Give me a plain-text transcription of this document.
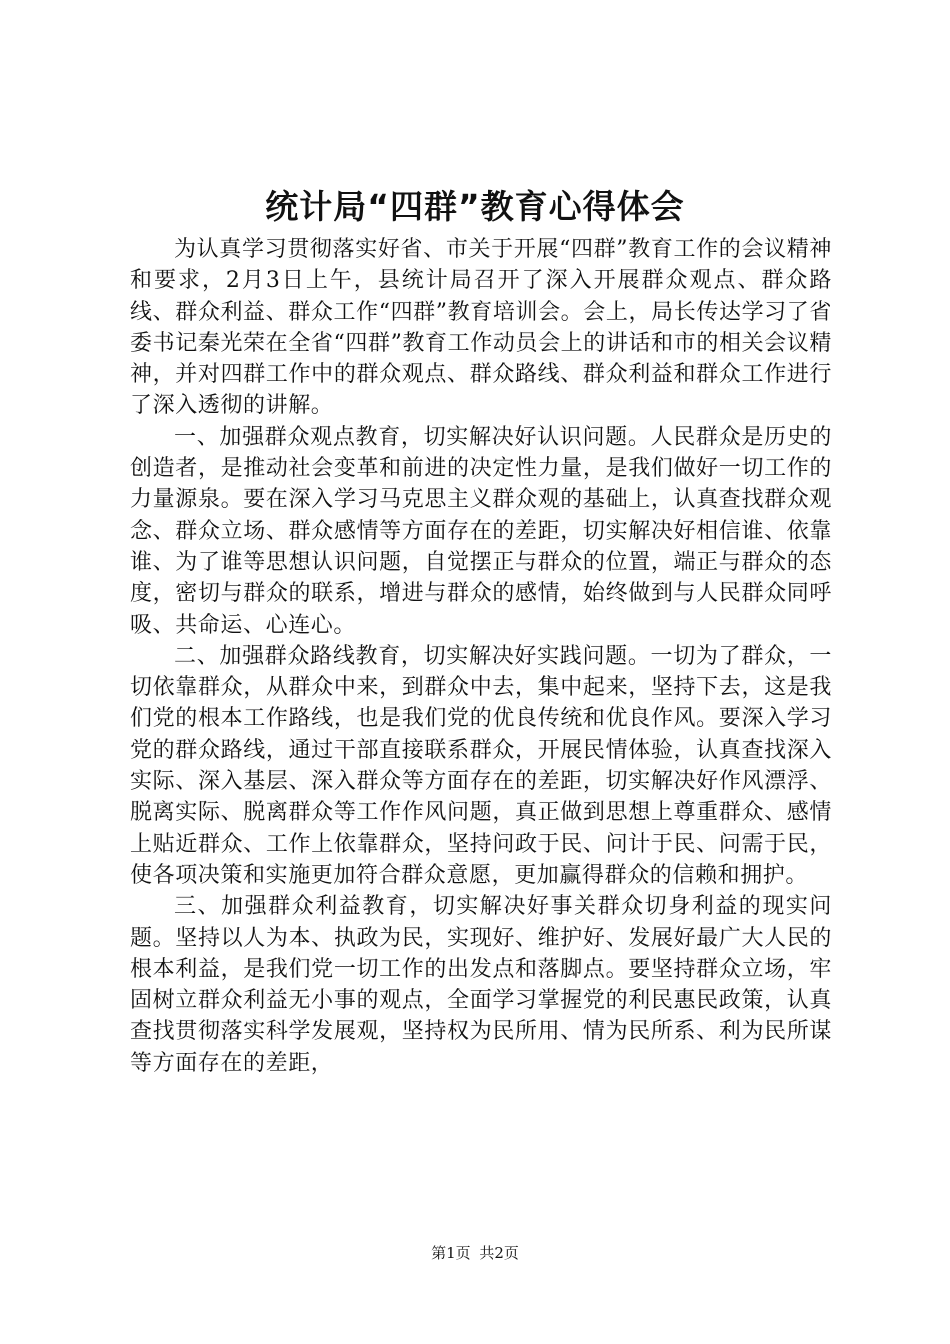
统计局“四群”教育心得体会

为认真学习贯彻落实好省、市关于开展“四群”教育工作的会议精神和要求，2月3日上午，县统计局召开了深入开展群众观点、群众路线、群众利益、群众工作“四群”教育培训会。会上，局长传达学习了省委书记秦光荣在全省“四群”教育工作动员会上的讲话和市的相关会议精神，并对四群工作中的群众观点、群众路线、群众利益和群众工作进行了深入透彻的讲解。

一、加强群众观点教育，切实解决好认识问题。人民群众是历史的创造者，是推动社会变革和前进的决定性力量，是我们做好一切工作的力量源泉。要在深入学习马克思主义群众观的基础上，认真查找群众观念、群众立场、群众感情等方面存在的差距，切实解决好相信谁、依靠谁、为了谁等思想认识问题，自觉摆正与群众的位置，端正与群众的态度，密切与群众的联系，增进与群众的感情，始终做到与人民群众同呼吸、共命运、心连心。

二、加强群众路线教育，切实解决好实践问题。一切为了群众，一切依靠群众，从群众中来，到群众中去，集中起来，坚持下去，这是我们党的根本工作路线，也是我们党的优良传统和优良作风。要深入学习党的群众路线，通过干部直接联系群众，开展民情体验，认真查找深入实际、深入基层、深入群众等方面存在的差距，切实解决好作风漂浮、脱离实际、脱离群众等工作作风问题，真正做到思想上尊重群众、感情上贴近群众、工作上依靠群众，坚持问政于民、问计于民、问需于民，使各项决策和实施更加符合群众意愿，更加赢得群众的信赖和拥护。

三、加强群众利益教育，切实解决好事关群众切身利益的现实问题。坚持以人为本、执政为民，实现好、维护好、发展好最广大人民的根本利益，是我们党一切工作的出发点和落脚点。要坚持群众立场，牢固树立群众利益无小事的观点，全面学习掌握党的利民惠民政策，认真查找贯彻落实科学发展观，坚持权为民所用、情为民所系、利为民所谋等方面存在的差距，

第1页 共2页
